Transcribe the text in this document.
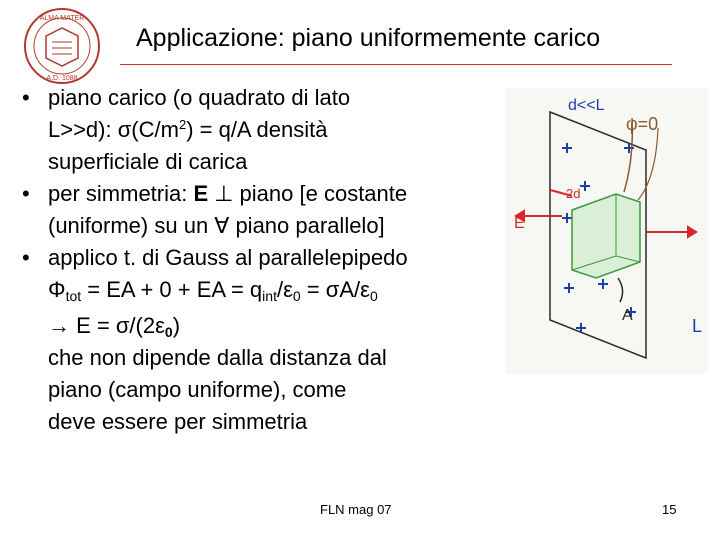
ALMA MATER
A.D. 1088
Applicazione: piano uniformemente carico
• piano carico (o quadrato di lato
L>>d): $\sigma(C/m^2) = q/A$ densità
superficiale di carica
• per simmetria: E ⊥ piano [e costante
(uniforme) su un ∀ piano parallelo]
• applico t. di Gauss al parallelepipedo
$\Phi_{tot}$ = EA + 0 + EA = $q_{int}/\varepsilon_0 = \sigma A/\varepsilon_0$
→ $E = \sigma/(2\varepsilon_0)$
che non dipende dalla distanza dal
piano (campo uniforme), come
deve essere per simmetria
d<<L
φ=0
2d
E
A
L
FLN mag 07	15
